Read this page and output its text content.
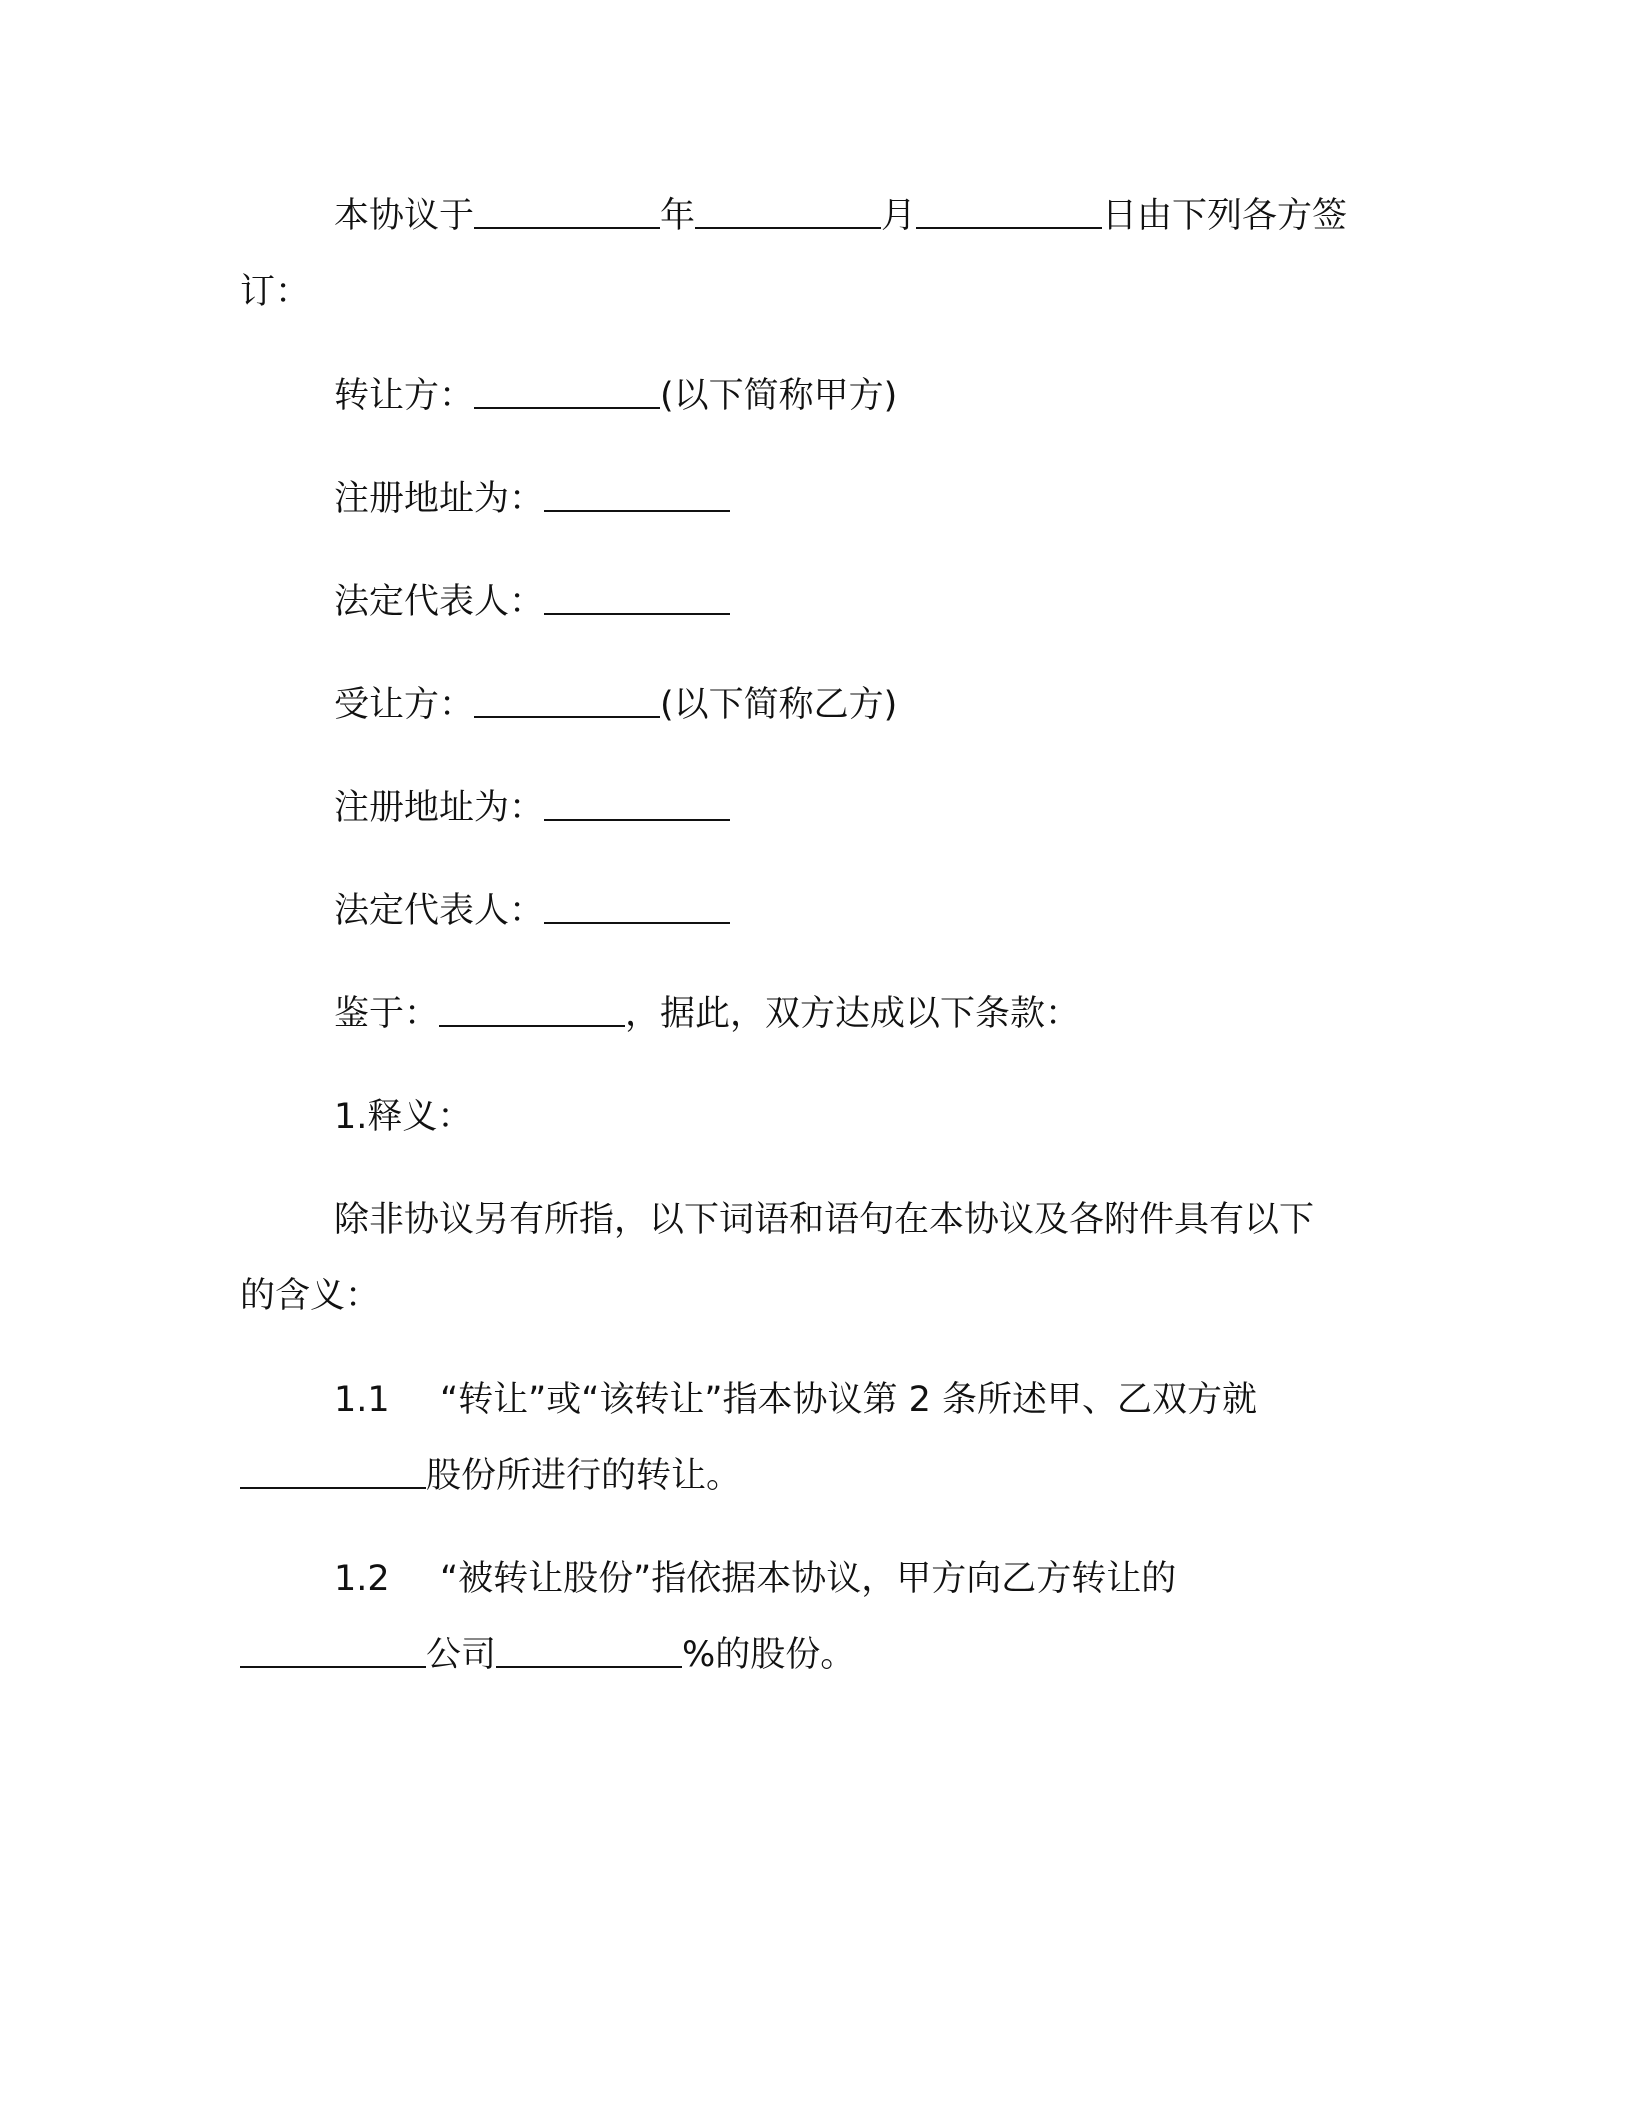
本协议于	年	月	日由下列各方签
订：
转让方：	(以下简称甲方)
注册地址为：
法定代表人：
受让方：	(以下简称乙方)
注册地址为：
法定代表人：
鉴于：	，据此，双方达成以下条款：
1.释义：
除非协议另有所指，以下词语和语句在本协议及各附件具有以下
的含义：
1.1 “转让”或“该转让”指本协议第 2 条所述甲、乙双方就
股份所进行的转让。
1.2 “被转让股份”指依据本协议，甲方向乙方转让的
公司	%的股份。
